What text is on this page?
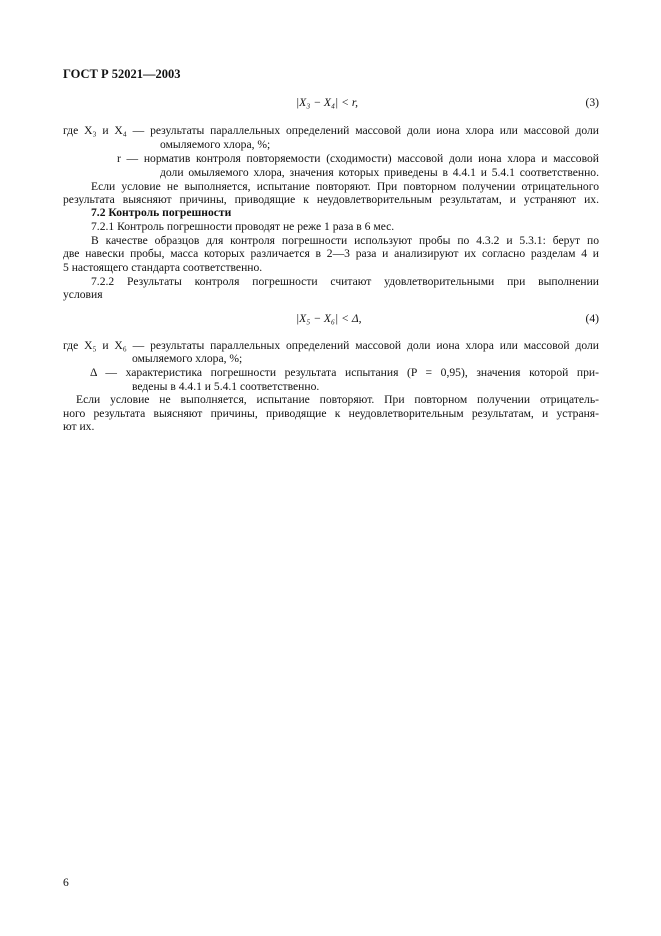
ГОСТ Р 52021—2003
|X₃ − X₄| < r,	(3)
где X₃ и X₄ — результаты параллельных определений массовой доли иона хлора или массовой доли
омыляемого хлора, %;
r — норматив контроля повторяемости (сходимости) массовой доли иона хлора и массовой
доли омыляемого хлора, значения которых приведены в 4.4.1 и 5.4.1 соответственно.
Если условие не выполняется, испытание повторяют. При повторном получении отрицательного
результата выясняют причины, приводящие к неудовлетворительным результатам, и устраняют их.
7.2 Контроль погрешности
7.2.1 Контроль погрешности проводят не реже 1 раза в 6 мес.
В качестве образцов для контроля погрешности используют пробы по 4.3.2 и 5.3.1: берут по
две навески пробы, масса которых различается в 2—3 раза и анализируют их согласно разделам 4 и
5 настоящего стандарта соответственно.
7.2.2 Результаты контроля погрешности считают удовлетворительными при выполнении
условия
|X₅ − X₆| < Δ,	(4)
где X₅ и X₆ — результаты параллельных определений массовой доли иона хлора или массовой доли
омыляемого хлора, %;
Δ — характеристика погрешности результата испытания (P = 0,95), значения которой при-
ведены в 4.4.1 и 5.4.1 соответственно.
Если условие не выполняется, испытание повторяют. При повторном получении отрицатель-
ного результата выясняют причины, приводящие к неудовлетворительным результатам, и устраня-
ют их.
6
